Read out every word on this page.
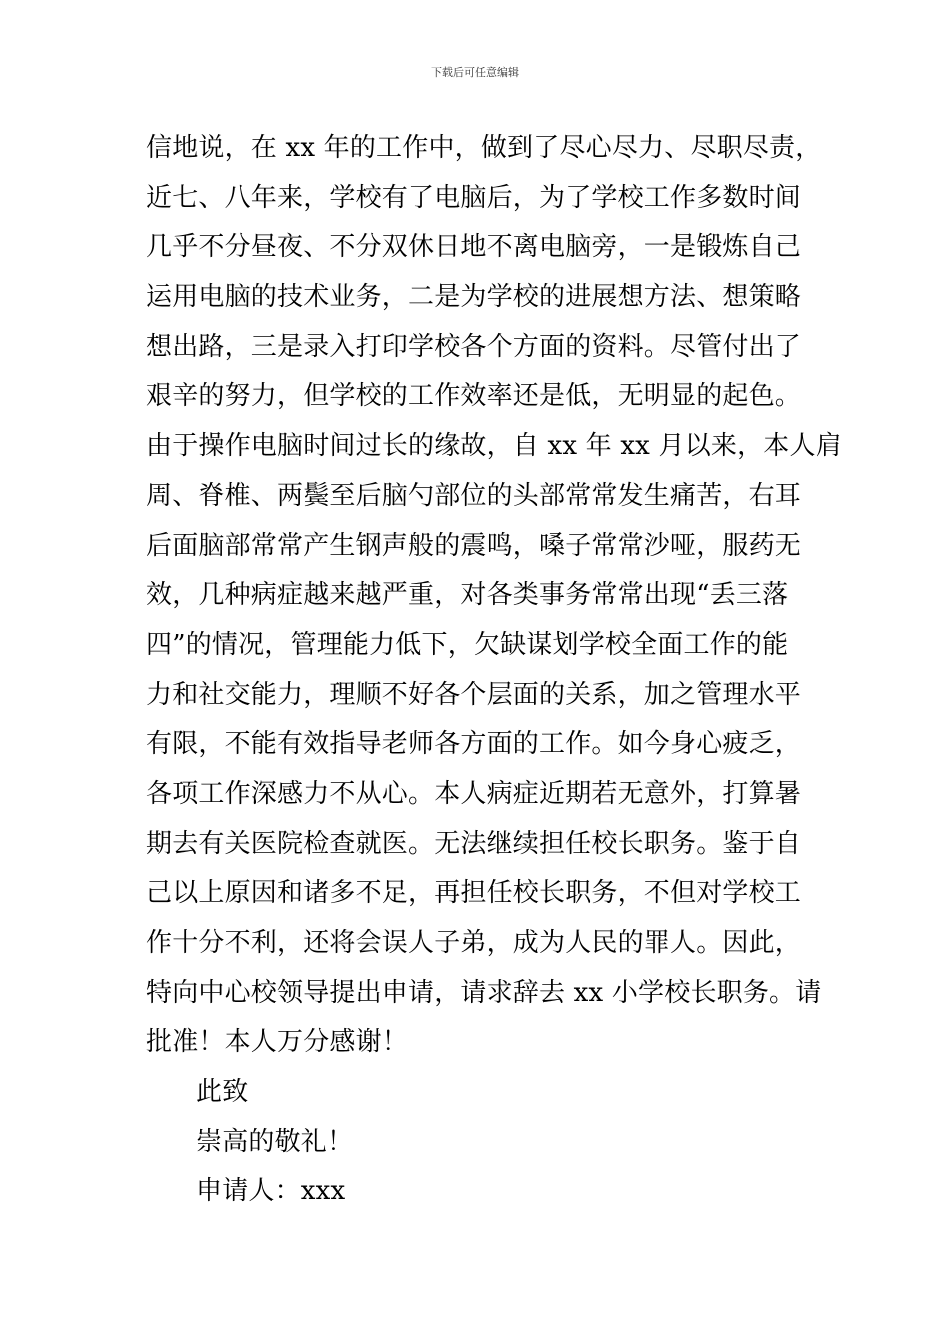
下载后可任意编辑
信地说，在 xx 年的工作中，做到了尽心尽力、尽职尽责，
近七、八年来，学校有了电脑后，为了学校工作多数时间
几乎不分昼夜、不分双休日地不离电脑旁，一是锻炼自己
运用电脑的技术业务，二是为学校的进展想方法、想策略
想出路，三是录入打印学校各个方面的资料。尽管付出了
艰辛的努力，但学校的工作效率还是低，无明显的起色。
由于操作电脑时间过长的缘故，自 xx 年 xx 月以来，本人肩
周、脊椎、两鬓至后脑勺部位的头部常常发生痛苦，右耳
后面脑部常常产生钢声般的震鸣，嗓子常常沙哑，服药无
效，几种病症越来越严重，对各类事务常常出现“丢三落
四”的情况，管理能力低下，欠缺谋划学校全面工作的能
力和社交能力，理顺不好各个层面的关系，加之管理水平
有限，不能有效指导老师各方面的工作。如今身心疲乏，
各项工作深感力不从心。本人病症近期若无意外，打算暑
期去有关医院检查就医。无法继续担任校长职务。鉴于自
己以上原因和诸多不足，再担任校长职务，不但对学校工
作十分不利，还将会误人子弟，成为人民的罪人。因此，
特向中心校领导提出申请，请求辞去 xx 小学校长职务。请
批准！本人万分感谢！
此致
崇高的敬礼！
申请人：xxx
